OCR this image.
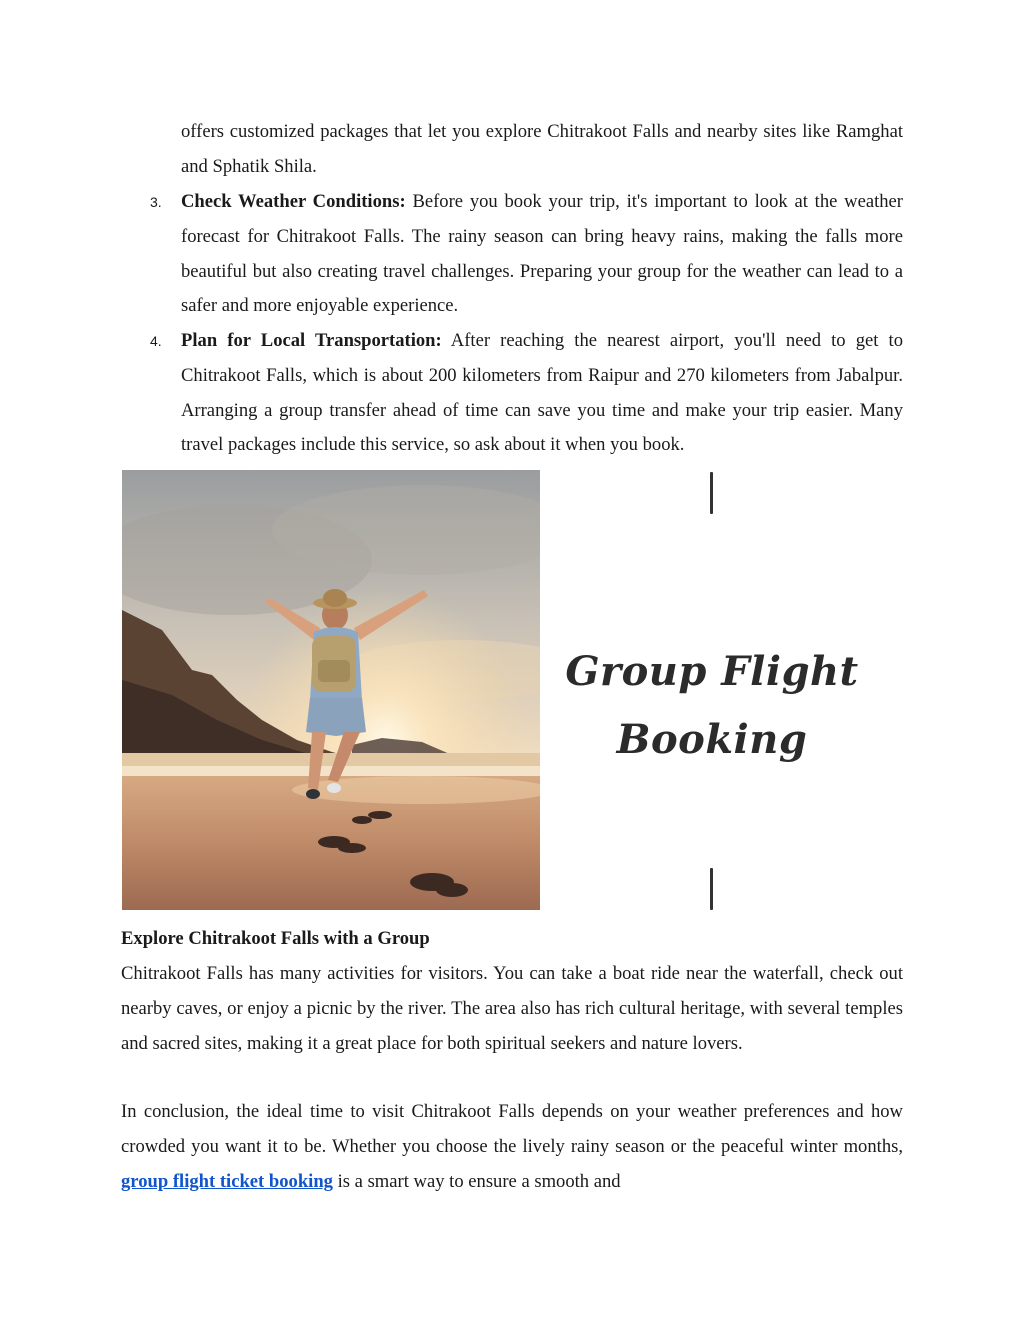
offers customized packages that let you explore Chitrakoot Falls and nearby sites like Ramghat and Sphatik Shila.

3. Check Weather Conditions: Before you book your trip, it's important to look at the weather forecast for Chitrakoot Falls. The rainy season can bring heavy rains, making the falls more beautiful but also creating travel challenges. Preparing your group for the weather can lead to a safer and more enjoyable experience.

4. Plan for Local Transportation: After reaching the nearest airport, you'll need to get to Chitrakoot Falls, which is about 200 kilometers from Raipur and 270 kilometers from Jabalpur. Arranging a group transfer ahead of time can save you time and make your trip easier. Many travel packages include this service, so ask about it when you book.

Group Flight
Booking
Explore Chitrakoot Falls with a Group

Chitrakoot Falls has many activities for visitors. You can take a boat ride near the waterfall, check out nearby caves, or enjoy a picnic by the river. The area also has rich cultural heritage, with several temples and sacred sites, making it a great place for both spiritual seekers and nature lovers.

In conclusion, the ideal time to visit Chitrakoot Falls depends on your weather preferences and how crowded you want it to be. Whether you choose the lively rainy season or the peaceful winter months, group flight ticket booking is a smart way to ensure a smooth and
